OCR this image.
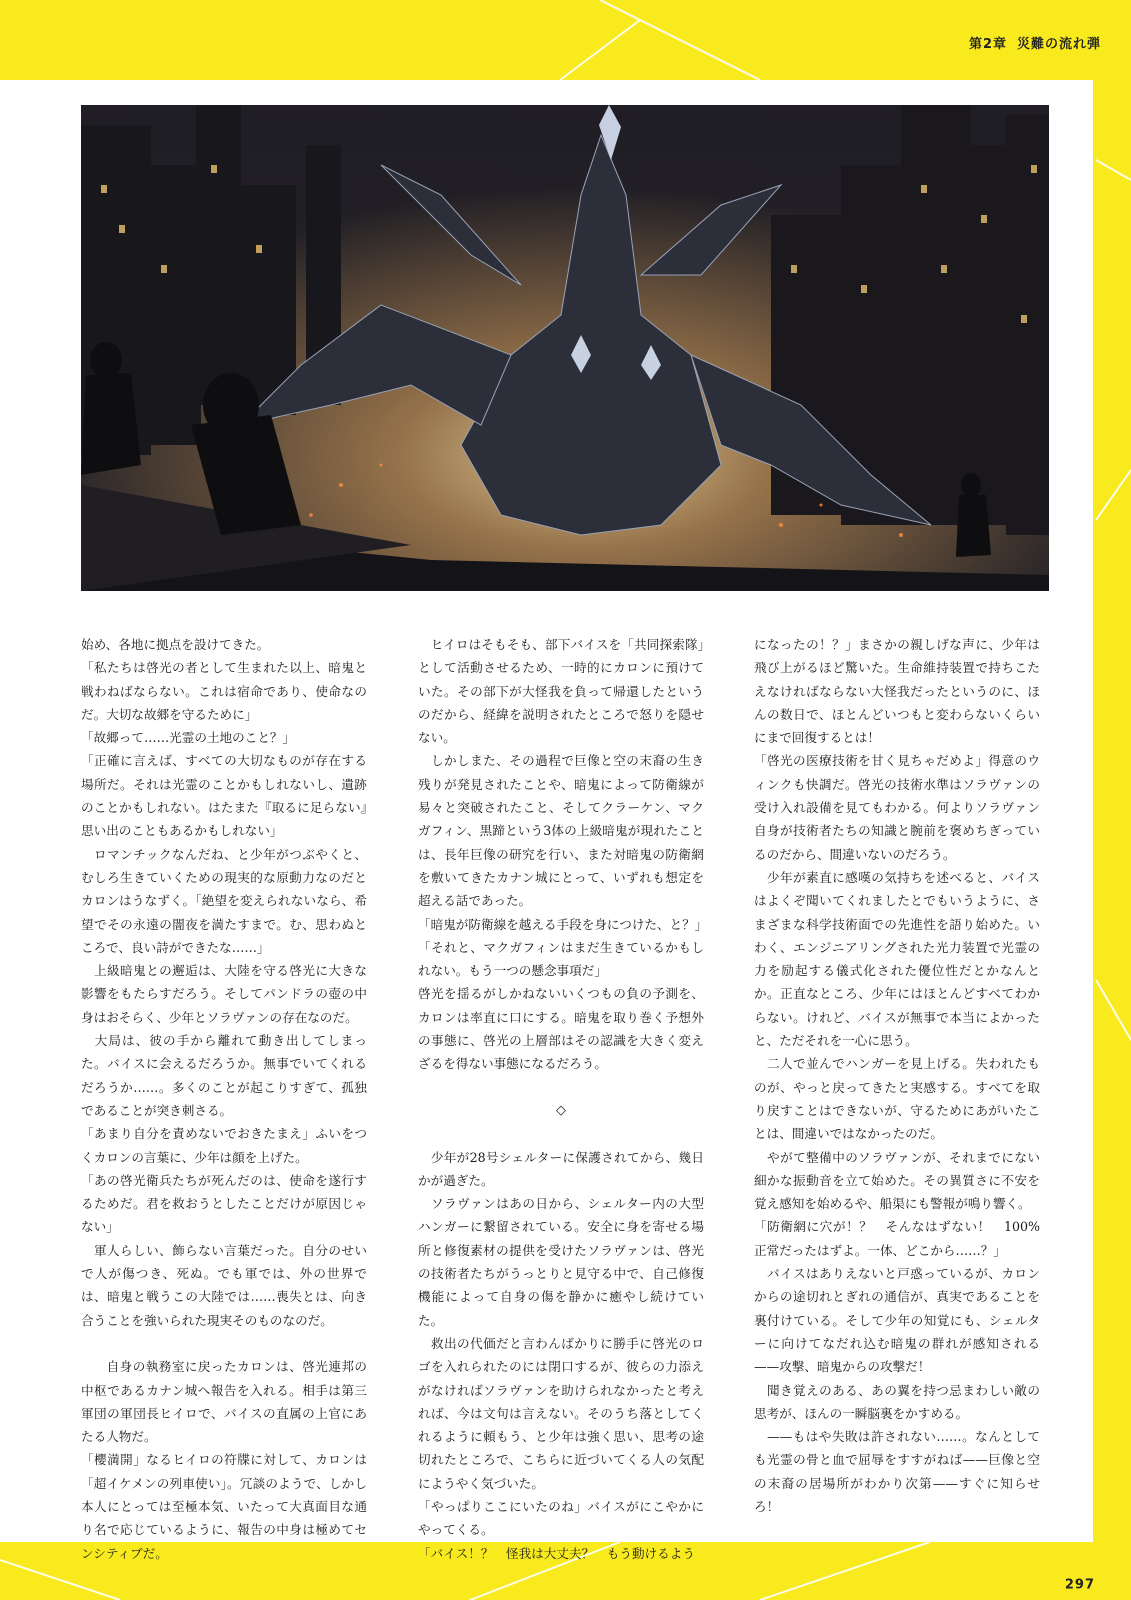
第2章 災難の流れ弾

始め、各地に拠点を設けてきた。

「私たちは啓光の者として生まれた以上、暗鬼と戦わねばならない。これは宿命であり、使命なのだ。大切な故郷を守るために」

「故郷って……光霊の土地のこと？」

「正確に言えば、すべての大切なものが存在する場所だ。それは光霊のことかもしれないし、遺跡のことかもしれない。はたまた『取るに足らない』思い出のこともあるかもしれない」

　ロマンチックなんだね、と少年がつぶやくと、むしろ生きていくための現実的な原動力なのだとカロンはうなずく。「絶望を変えられないなら、希望でその永遠の闇夜を満たすまで。む、思わぬところで、良い詩ができたな……」

　上級暗鬼との邂逅は、大陸を守る啓光に大きな影響をもたらすだろう。そしてパンドラの壺の中身はおそらく、少年とソラヴァンの存在なのだ。

　大局は、彼の手から離れて動き出してしまった。バイスに会えるだろうか。無事でいてくれるだろうか……。多くのことが起こりすぎて、孤独であることが突き刺さる。

「あまり自分を責めないでおきたまえ」ふいをつくカロンの言葉に、少年は顔を上げた。

「あの啓光衛兵たちが死んだのは、使命を遂行するためだ。君を救おうとしたことだけが原因じゃない」

　軍人らしい、飾らない言葉だった。自分のせいで人が傷つき、死ぬ。でも軍では、外の世界では、暗鬼と戦うこの大陸では……喪失とは、向き合うことを強いられた現実そのものなのだ。

　自身の執務室に戻ったカロンは、啓光連邦の中枢であるカナン城へ報告を入れる。相手は第三軍団の軍団長ヒイロで、バイスの直属の上官にあたる人物だ。

「櫻満開」なるヒイロの符牒に対して、カロンは「超イケメンの列車使い」。冗談のようで、しかし本人にとっては至極本気、いたって大真面目な通り名で応じているように、報告の中身は極めてセンシティブだ。

　ヒイロはそもそも、部下バイスを「共同探索隊」として活動させるため、一時的にカロンに預けていた。その部下が大怪我を負って帰還したというのだから、経緯を説明されたところで怒りを隠せない。

　しかしまた、その過程で巨像と空の末裔の生き残りが発見されたことや、暗鬼によって防衛線が易々と突破されたこと、そしてクラーケン、マクガフィン、黒蹄という3体の上級暗鬼が現れたことは、長年巨像の研究を行い、また対暗鬼の防衛網を敷いてきたカナン城にとって、いずれも想定を超える話であった。

「暗鬼が防衛線を越える手段を身につけた、と？」

「それと、マクガフィンはまだ生きているかもしれない。もう一つの懸念事項だ」

啓光を揺るがしかねないいくつもの負の予測を、カロンは率直に口にする。暗鬼を取り巻く予想外の事態に、啓光の上層部はその認識を大きく変えざるを得ない事態になるだろう。

◇

　少年が28号シェルターに保護されてから、幾日かが過ぎた。

　ソラヴァンはあの日から、シェルター内の大型ハンガーに繋留されている。安全に身を寄せる場所と修復素材の提供を受けたソラヴァンは、啓光の技術者たちがうっとりと見守る中で、自己修復機能によって自身の傷を静かに癒やし続けていた。

　救出の代価だと言わんばかりに勝手に啓光のロゴを入れられたのには閉口するが、彼らの力添えがなければソラヴァンを助けられなかったと考えれば、今は文句は言えない。そのうち落としてくれるように頼もう、と少年は強く思い、思考の途切れたところで、こちらに近づいてくる人の気配にようやく気づいた。

「やっぱりここにいたのね」バイスがにこやかにやってくる。

「バイス！？　怪我は大丈夫？　もう動けるよう

になったの！？」まさかの親しげな声に、少年は飛び上がるほど驚いた。生命維持装置で持ちこたえなければならない大怪我だったというのに、ほんの数日で、ほとんどいつもと変わらないくらいにまで回復するとは！

「啓光の医療技術を甘く見ちゃだめよ」得意のウィンクも快調だ。啓光の技術水準はソラヴァンの受け入れ設備を見てもわかる。何よりソラヴァン自身が技術者たちの知識と腕前を褒めちぎっているのだから、間違いないのだろう。

　少年が素直に感嘆の気持ちを述べると、バイスはよくぞ聞いてくれましたとでもいうように、さまざまな科学技術面での先進性を語り始めた。いわく、エンジニアリングされた光力装置で光霊の力を励起する儀式化された優位性だとかなんとか。正直なところ、少年にはほとんどすべてわからない。けれど、バイスが無事で本当によかったと、ただそれを一心に思う。

　二人で並んでハンガーを見上げる。失われたものが、やっと戻ってきたと実感する。すべてを取り戻すことはできないが、守るためにあがいたことは、間違いではなかったのだ。

　やがて整備中のソラヴァンが、それまでにない細かな振動音を立て始めた。その異質さに不安を覚え感知を始めるや、船渠にも警報が鳴り響く。

「防衛網に穴が！？　そんなはずない！　100%正常だったはずよ。一体、どこから……？」

　バイスはありえないと戸惑っているが、カロンからの途切れとぎれの通信が、真実であることを裏付けている。そして少年の知覚にも、シェルターに向けてなだれ込む暗鬼の群れが感知される——攻撃、暗鬼からの攻撃だ！

　聞き覚えのある、あの翼を持つ忌まわしい敵の思考が、ほんの一瞬脳裏をかすめる。

　——もはや失敗は許されない……。なんとしても光霊の骨と血で屈辱をすすがねば——巨像と空の末裔の居場所がわかり次第——すぐに知らせろ！

297
